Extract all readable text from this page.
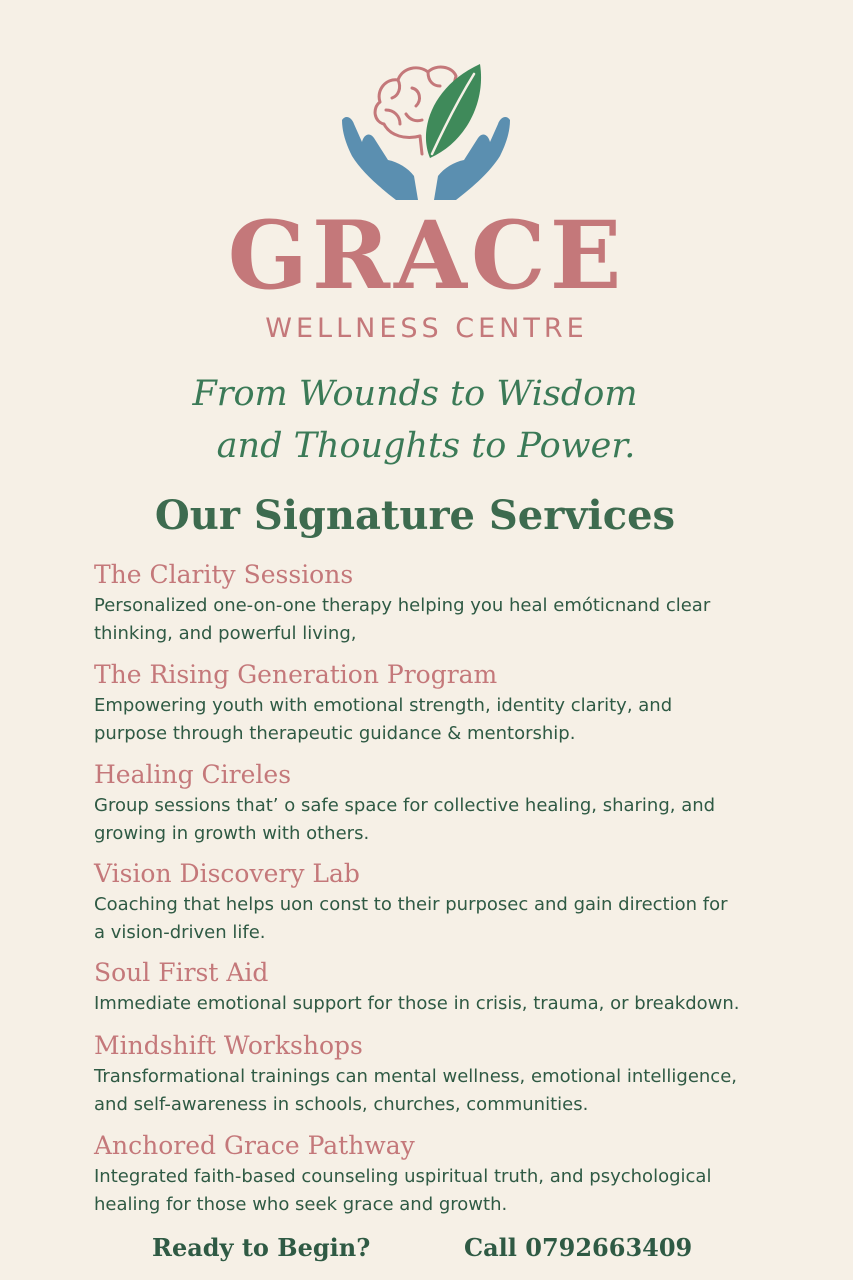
GRACE
WELLNESS CENTRE
From Wounds to Wisdom
and Thoughts to Power.
Our Signature Services
The Clarity Sessions
Personalized one-on-one therapy helping you heal emóticnand clear
thinking, and powerful living,
The Rising Generation Program
Empowering youth with emotional strength, identity clarity, and
purpose through therapeutic guidance & mentorship.
Healing Cireles
Group sessions that’ o safe space for collective healing, sharing, and
growing in growth with others.
Vision Discovery Lab
Coaching that helps uon const to their purposec and gain direction for
a vision-driven life.
Soul First Aid
Immediate emotional support for those in crisis, trauma, or breakdown.
Mindshift Workshops
Transformational trainings can mental wellness, emotional intelligence,
and self-awareness in schools, churches, communities.
Anchored Grace Pathway
Integrated faith-based counseling uspiritual truth, and psychological
healing for those who seek grace and growth.
Ready to Begin?	Call 0792663409
